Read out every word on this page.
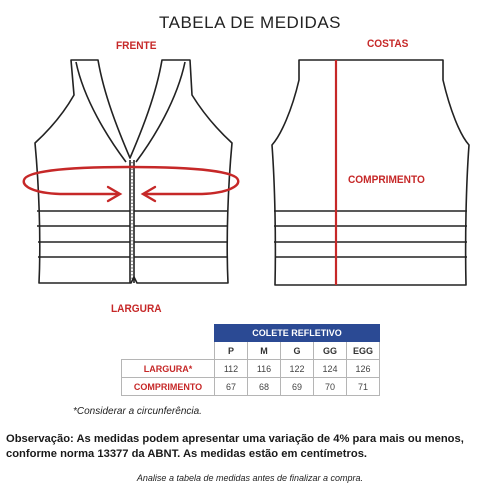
TABELA DE MEDIDAS
FRENTE	COSTAS
COMPRIMENTO
LARGURA
	COLETE REFLETIVO				
	P	M	G	GG	EGG
LARGURA*	112	116	122	124	126
COMPRIMENTO	67	68	69	70	71
*Considerar a circunferência.
Observação: As medidas podem apresentar uma variação de 4% para mais ou menos, conforme norma 13377 da ABNT. As medidas estão em centímetros.
Analise a tabela de medidas antes de finalizar a compra.
